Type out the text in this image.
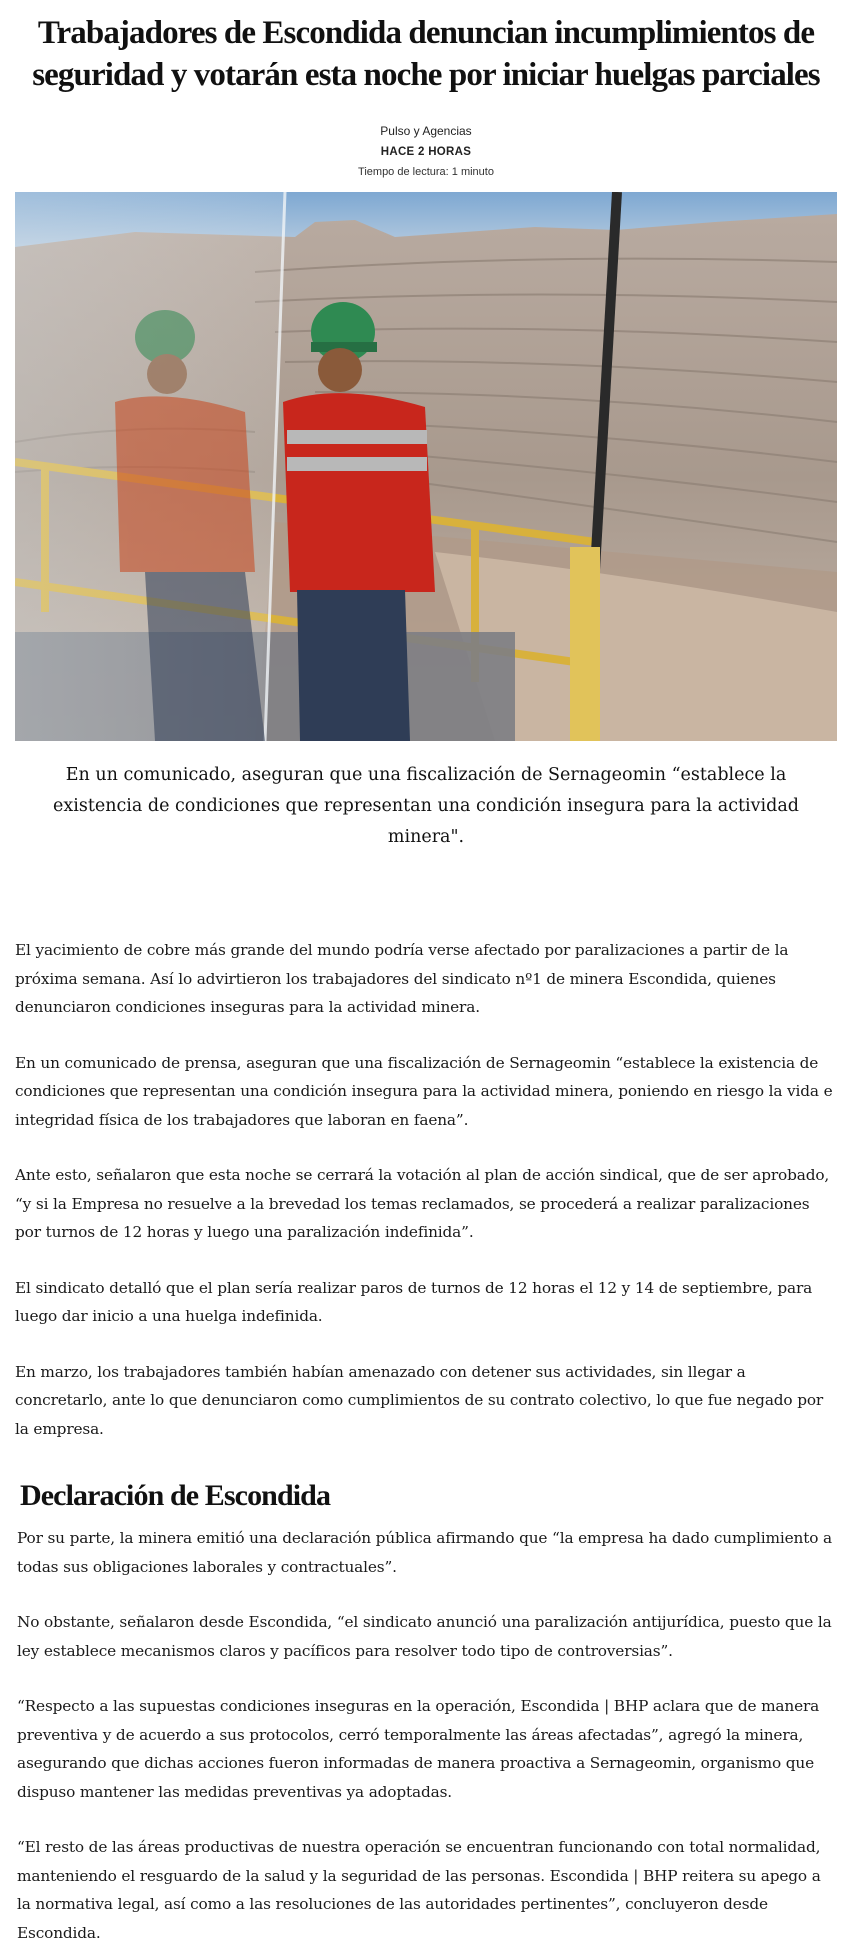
Trabajadores de Escondida denuncian incumplimientos de seguridad y votarán esta noche por iniciar huelgas parciales
Pulso y Agencias
HACE 2 HORAS
Tiempo de lectura: 1 minuto

En un comunicado, aseguran que una fiscalización de Sernageomin “establece la existencia de condiciones que representan una condición insegura para la actividad minera".

El yacimiento de cobre más grande del mundo podría verse afectado por paralizaciones a partir de la próxima semana. Así lo advirtieron los trabajadores del sindicato nº1 de minera Escondida, quienes denunciaron condiciones inseguras para la actividad minera.

En un comunicado de prensa, aseguran que una fiscalización de Sernageomin “establece la existencia de condiciones que representan una condición insegura para la actividad minera, poniendo en riesgo la vida e integridad física de los trabajadores que laboran en faena”.

Ante esto, señalaron que esta noche se cerrará la votación al plan de acción sindical, que de ser aprobado, “y si la Empresa no resuelve a la brevedad los temas reclamados, se procederá a realizar paralizaciones por turnos de 12 horas y luego una paralización indefinida”.

El sindicato detalló que el plan sería realizar paros de turnos de 12 horas el 12 y 14 de septiembre, para luego dar inicio a una huelga indefinida.

En marzo, los trabajadores también habían amenazado con detener sus actividades, sin llegar a concretarlo, ante lo que denunciaron como cumplimientos de su contrato colectivo, lo que fue negado por la empresa.

Declaración de Escondida

Por su parte, la minera emitió una declaración pública afirmando que “la empresa ha dado cumplimiento a todas sus obligaciones laborales y contractuales”.

No obstante, señalaron desde Escondida, “el sindicato anunció una paralización antijurídica, puesto que la ley establece mecanismos claros y pacíficos para resolver todo tipo de controversias”.

“Respecto a las supuestas condiciones inseguras en la operación, Escondida | BHP aclara que de manera preventiva y de acuerdo a sus protocolos, cerró temporalmente las áreas afectadas”, agregó la minera, asegurando que dichas acciones fueron informadas de manera proactiva a Sernageomin, organismo que dispuso mantener las medidas preventivas ya adoptadas.

“El resto de las áreas productivas de nuestra operación se encuentran funcionando con total normalidad, manteniendo el resguardo de la salud y la seguridad de las personas. Escondida | BHP reitera su apego a la normativa legal, así como a las resoluciones de las autoridades pertinentes”, concluyeron desde Escondida.
